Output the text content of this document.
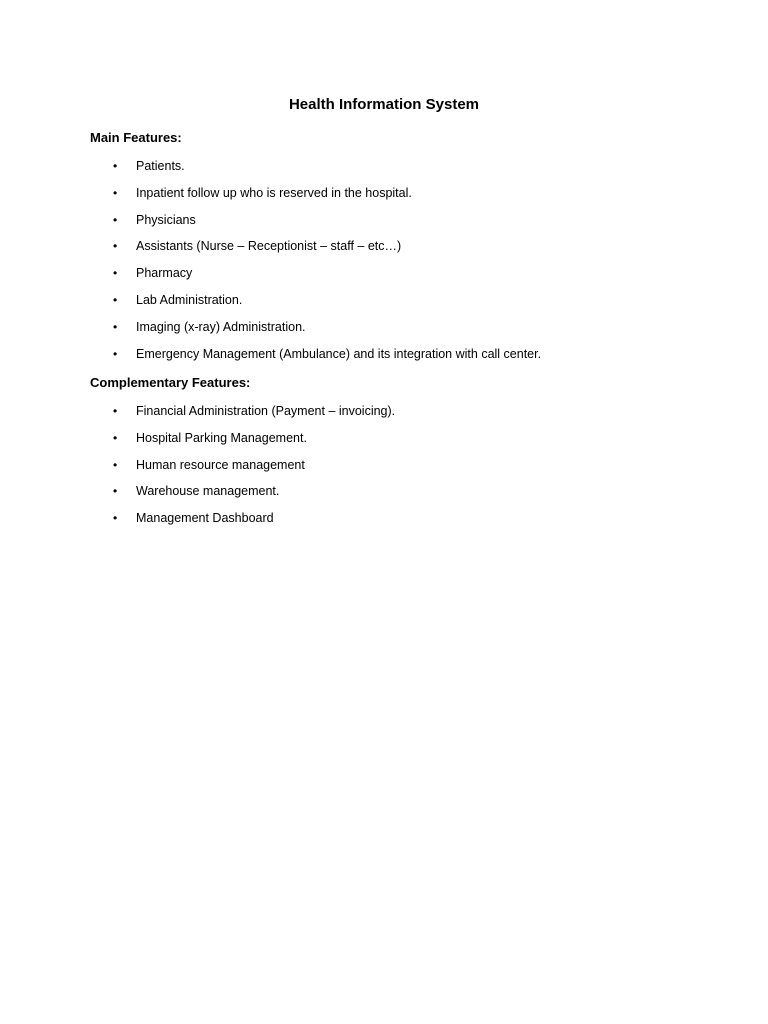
Health Information System
Main Features:
• Patients.
• Inpatient follow up who is reserved in the hospital.
• Physicians
• Assistants (Nurse – Receptionist – staff – etc…)
• Pharmacy
• Lab Administration.
• Imaging (x-ray) Administration.
• Emergency Management (Ambulance) and its integration with call center.
Complementary Features:
• Financial Administration (Payment – invoicing).
• Hospital Parking Management.
• Human resource management
• Warehouse management.
• Management Dashboard
